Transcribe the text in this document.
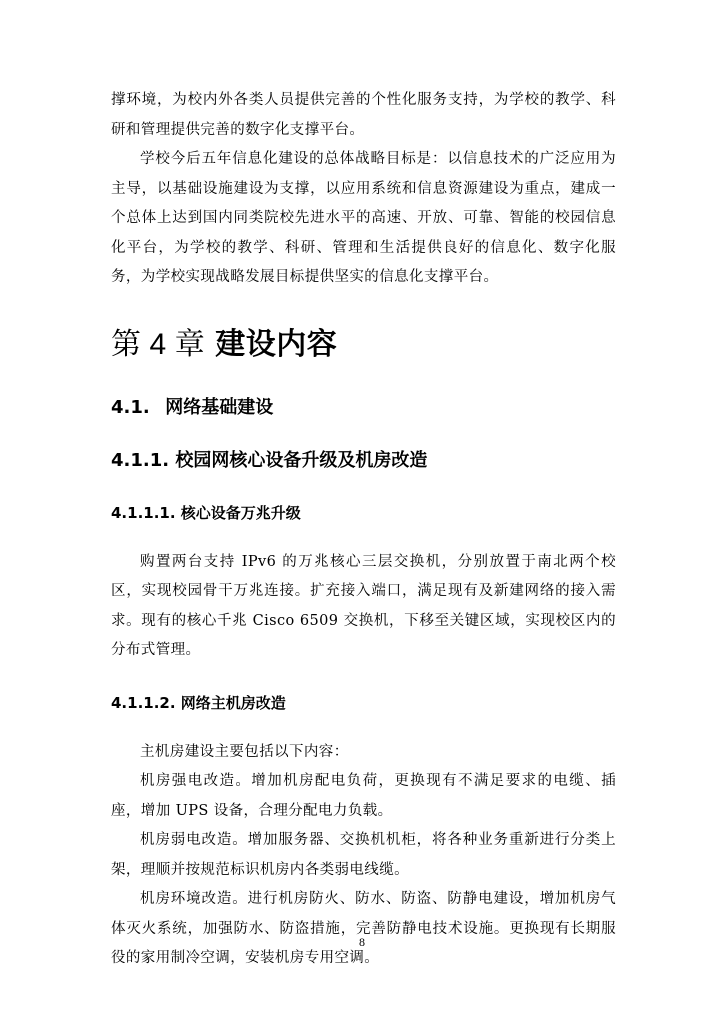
撑环境，为校内外各类人员提供完善的个性化服务支持，为学校的教学、科研和管理提供完善的数字化支撑平台。

学校今后五年信息化建设的总体战略目标是：以信息技术的广泛应用为主导，以基础设施建设为支撑，以应用系统和信息资源建设为重点，建成一个总体上达到国内同类院校先进水平的高速、开放、可靠、智能的校园信息化平台，为学校的教学、科研、管理和生活提供良好的信息化、数字化服务，为学校实现战略发展目标提供坚实的信息化支撑平台。

第 4 章 建设内容
4.1. 网络基础建设
4.1.1. 校园网核心设备升级及机房改造
4.1.1.1. 核心设备万兆升级

购置两台支持 IPv6 的万兆核心三层交换机，分别放置于南北两个校区，实现校园骨干万兆连接。扩充接入端口，满足现有及新建网络的接入需求。现有的核心千兆 Cisco 6509 交换机，下移至关键区域，实现校区内的分布式管理。

4.1.1.2. 网络主机房改造

主机房建设主要包括以下内容：

机房强电改造。增加机房配电负荷，更换现有不满足要求的电缆、插座，增加 UPS 设备，合理分配电力负载。

机房弱电改造。增加服务器、交换机机柜，将各种业务重新进行分类上架，理顺并按规范标识机房内各类弱电线缆。

机房环境改造。进行机房防火、防水、防盗、防静电建设，增加机房气体灭火系统，加强防水、防盗措施，完善防静电技术设施。更换现有长期服役的家用制冷空调，安装机房专用空调。

8
